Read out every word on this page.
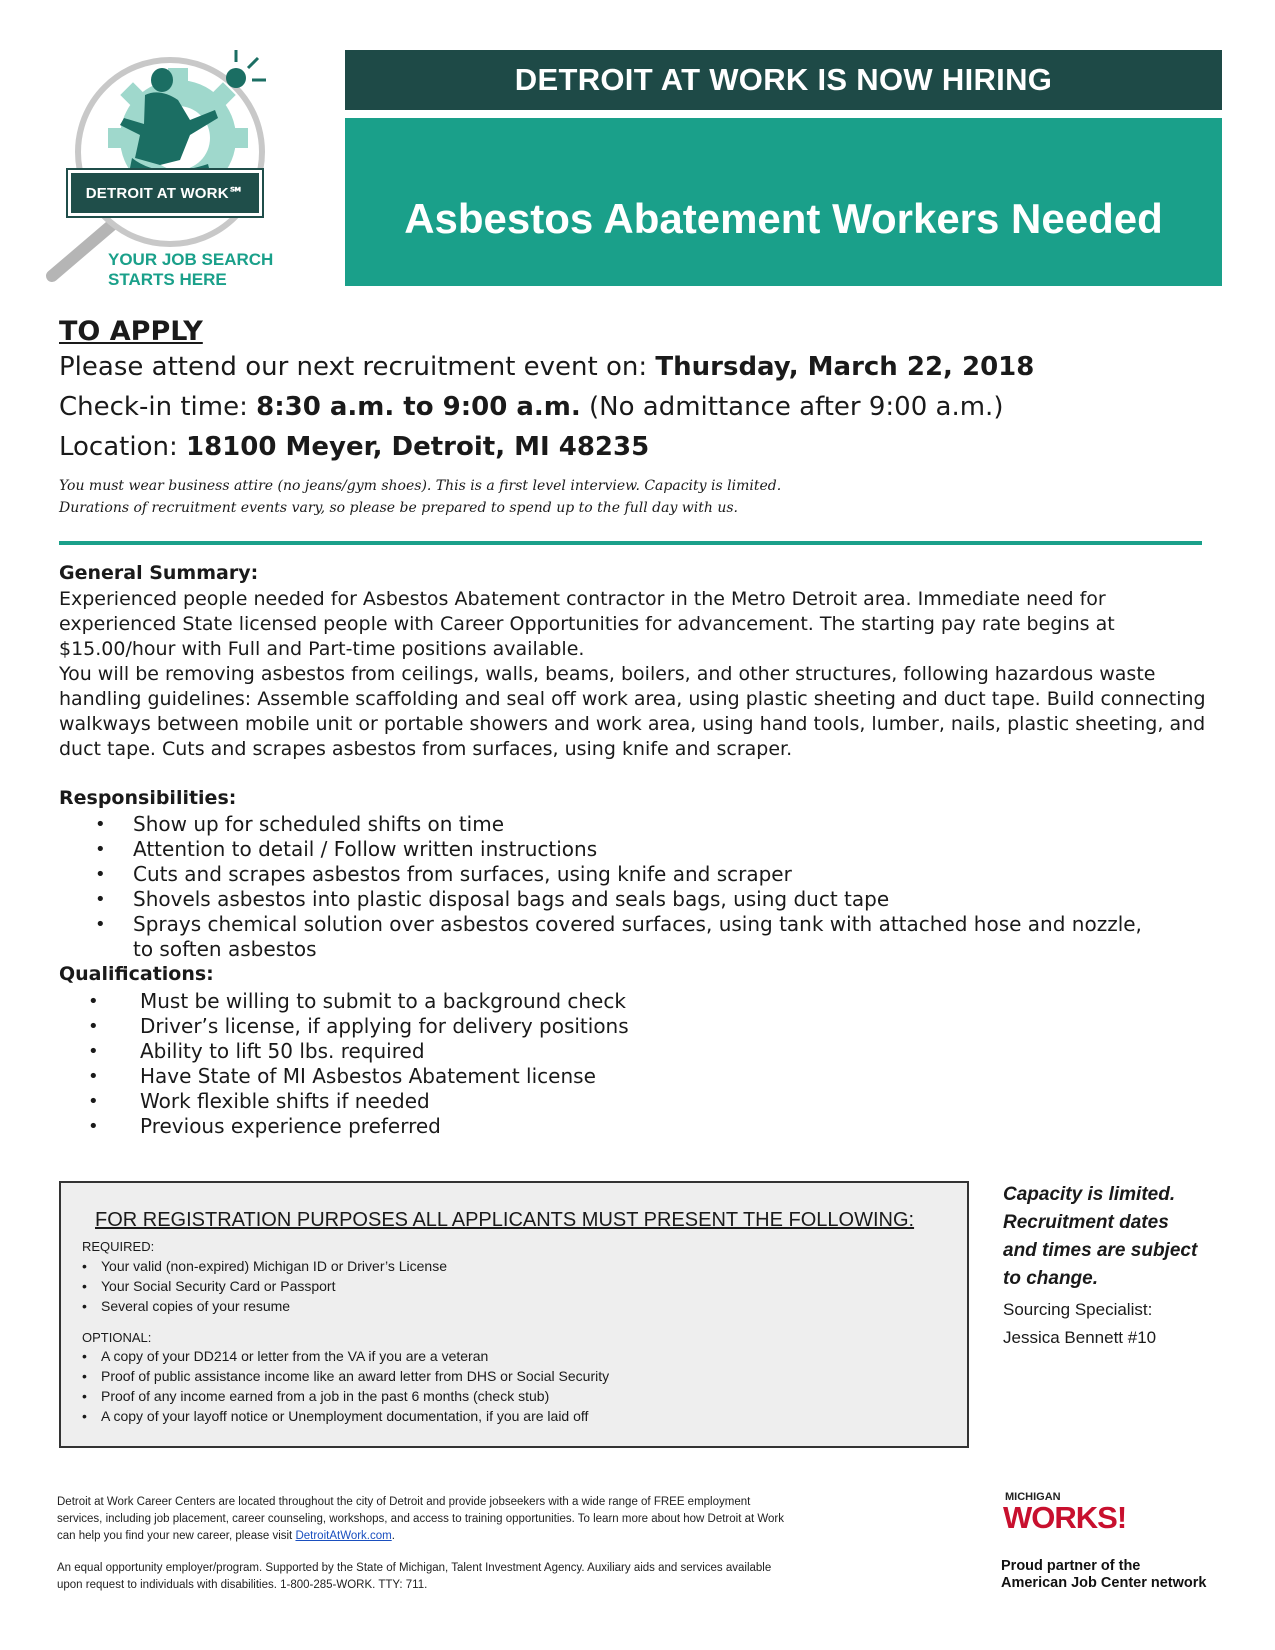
DETROIT AT WORK℠
YOUR JOB SEARCH
STARTS HERE
DETROIT AT WORK IS NOW HIRING
Asbestos Abatement Workers Needed
TO APPLY
Please attend our next recruitment event on: Thursday, March 22, 2018
Check-in time: 8:30 a.m. to 9:00 a.m. (No admittance after 9:00 a.m.)
Location: 18100 Meyer, Detroit, MI 48235
You must wear business attire (no jeans/gym shoes). This is a first level interview. Capacity is limited.
Durations of recruitment events vary, so please be prepared to spend up to the full day with us.
General Summary:
Experienced people needed for Asbestos Abatement contractor in the Metro Detroit area. Immediate need for experienced State licensed people with Career Opportunities for advancement. The starting pay rate begins at $15.00/hour with Full and Part-time positions available.
You will be removing asbestos from ceilings, walls, beams, boilers, and other structures, following hazardous waste handling guidelines: Assemble scaffolding and seal off work area, using plastic sheeting and duct tape. Build connecting walkways between mobile unit or portable showers and work area, using hand tools, lumber, nails, plastic sheeting, and duct tape. Cuts and scrapes asbestos from surfaces, using knife and scraper.
Responsibilities:
• Show up for scheduled shifts on time
• Attention to detail / Follow written instructions
• Cuts and scrapes asbestos from surfaces, using knife and scraper
• Shovels asbestos into plastic disposal bags and seals bags, using duct tape
• Sprays chemical solution over asbestos covered surfaces, using tank with attached hose and nozzle,
to soften asbestos
Qualifications:
• Must be willing to submit to a background check
• Driver’s license, if applying for delivery positions
• Ability to lift 50 lbs. required
• Have State of MI Asbestos Abatement license
• Work flexible shifts if needed
• Previous experience preferred
FOR REGISTRATION PURPOSES ALL APPLICANTS MUST PRESENT THE FOLLOWING:
REQUIRED:
• Your valid (non-expired) Michigan ID or Driver’s License
• Your Social Security Card or Passport
• Several copies of your resume
OPTIONAL:
• A copy of your DD214 or letter from the VA if you are a veteran
• Proof of public assistance income like an award letter from DHS or Social Security
• Proof of any income earned from a job in the past 6 months (check stub)
• A copy of your layoff notice or Unemployment documentation, if you are laid off
Capacity is limited.
Recruitment dates
and times are subject
to change.
Sourcing Specialist:
Jessica Bennett #10
Detroit at Work Career Centers are located throughout the city of Detroit and provide jobseekers with a wide range of FREE employment services, including job placement, career counseling, workshops, and access to training opportunities. To learn more about how Detroit at Work can help you find your new career, please visit DetroitAtWork.com.
An equal opportunity employer/program. Supported by the State of Michigan, Talent Investment Agency. Auxiliary aids and services available upon request to individuals with disabilities. 1-800-285-WORK. TTY: 711.
MICHIGAN
WORKS!
Proud partner of the
American Job Center network
